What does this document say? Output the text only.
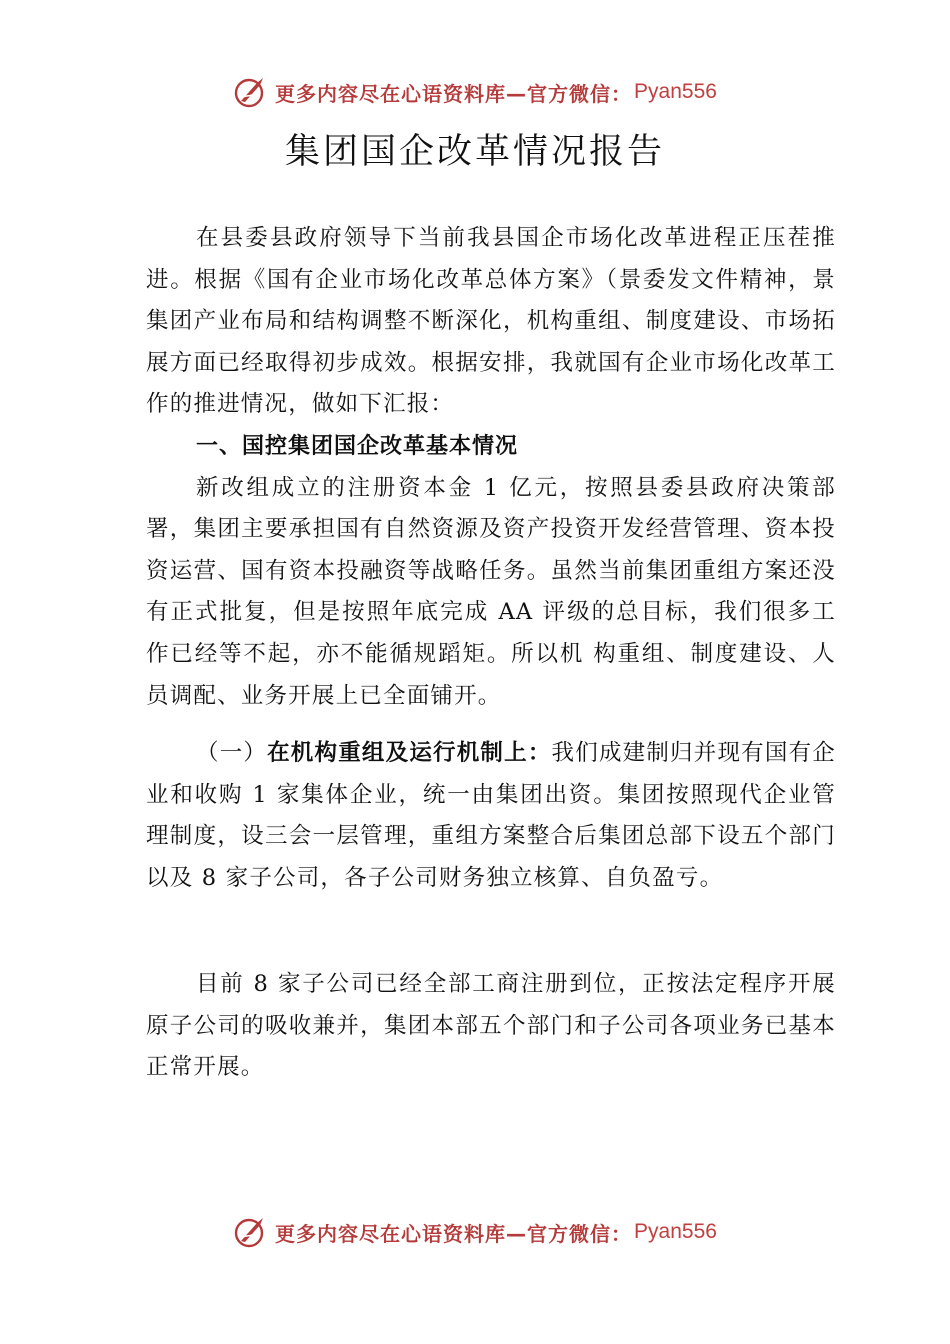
更多内容尽在心语资料库—官方微信： Pyan556
集团国企改革情况报告

在县委县政府领导下当前我县国企市场化改革进程正压茬推进。根据《国有企业市场化改革总体方案》（景委发文件精神，景集团产业布局和结构调整不断深化，机构重组、制度建设、市场拓展方面已经取得初步成效。根据安排，我就国有企业市场化改革工作的推进情况，做如下汇报：

一、国控集团国企改革基本情况

新改组成立的注册资本金 1 亿元，按照县委县政府决策部署，集团主要承担国有自然资源及资产投资开发经营管理、资本投资运营、国有资本投融资等战略任务。虽然当前集团重组方案还没有正式批复，但是按照年底完成 AA 评级的总目标，我们很多工作已经等不起，亦不能循规蹈矩。所以机 构重组、制度建设、人员调配、业务开展上已全面铺开。

（一）在机构重组及运行机制上：我们成建制归并现有国有企业和收购 1 家集体企业，统一由集团出资。集团按照现代企业管理制度，设三会一层管理，重组方案整合后集团总部下设五个部门以及 8 家子公司，各子公司财务独立核算、自负盈亏。

目前 8 家子公司已经全部工商注册到位，正按法定程序开展原子公司的吸收兼并，集团本部五个部门和子公司各项业务已基本正常开展。

更多内容尽在心语资料库—官方微信： Pyan556
